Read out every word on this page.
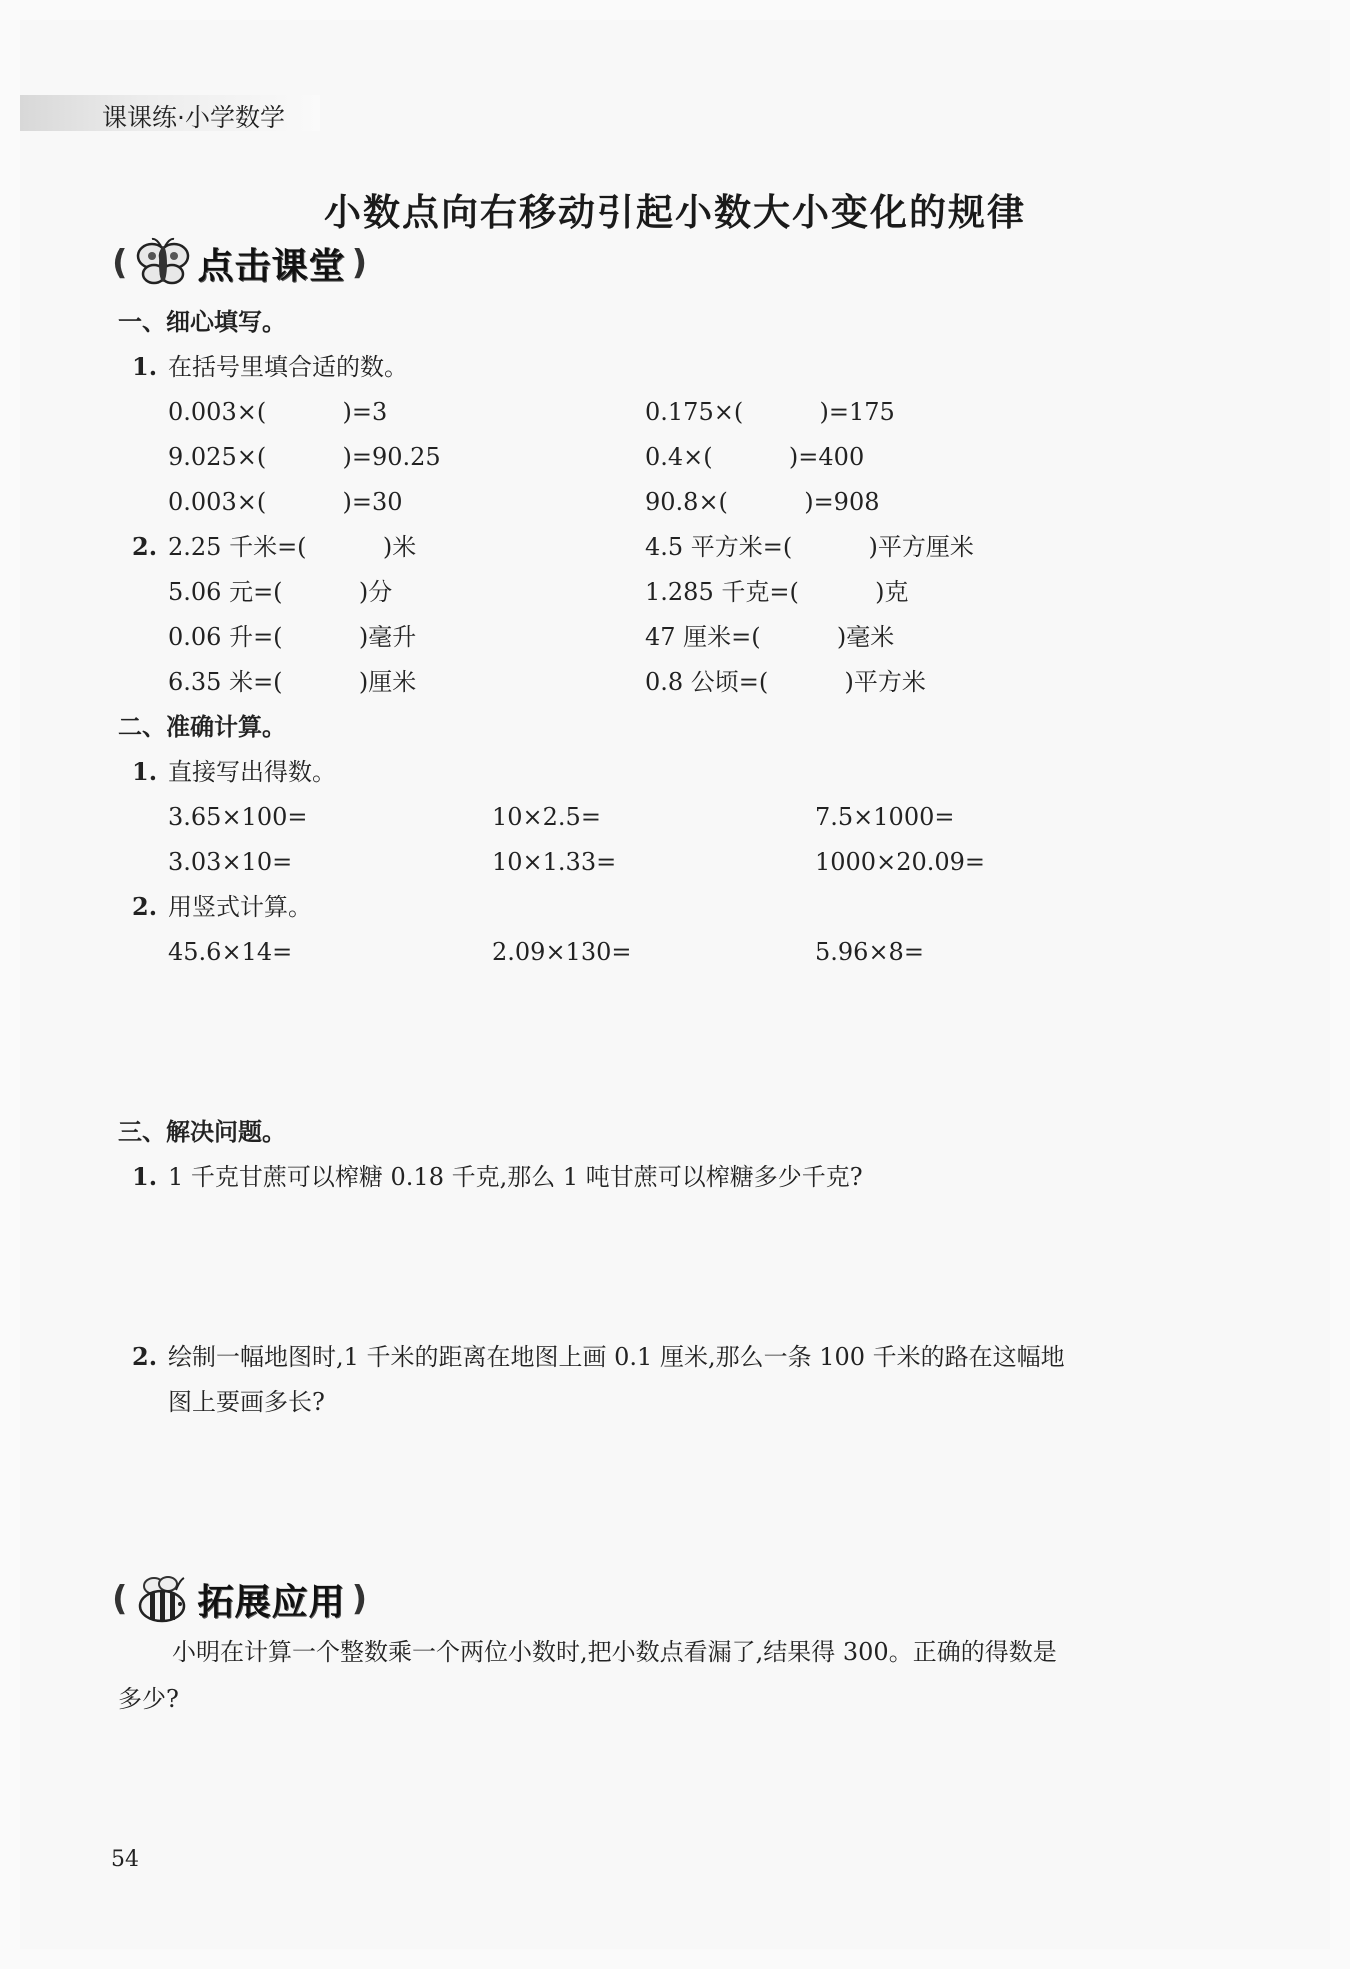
课课练·小学数学
小数点向右移动引起小数大小变化的规律
( 点击课堂 )
一、细心填写。
1. 在括号里填合适的数。
0.003×(          )=3	0.175×(          )=175
9.025×(          )=90.25	0.4×(          )=400
0.003×(          )=30	90.8×(          )=908
2. 2.25 千米=(          )米	4.5 平方米=(          )平方厘米
5.06 元=(          )分	1.285 千克=(          )克
0.06 升=(          )毫升	47 厘米=(          )毫米
6.35 米=(          )厘米	0.8 公顷=(          )平方米
二、准确计算。
1. 直接写出得数。
3.65×100=	10×2.5=	7.5×1000=
3.03×10=	10×1.33=	1000×20.09=
2. 用竖式计算。
45.6×14=	2.09×130=	5.96×8=
三、解决问题。
1. 1 千克甘蔗可以榨糖 0.18 千克,那么 1 吨甘蔗可以榨糖多少千克?
2. 绘制一幅地图时,1 千米的距离在地图上画 0.1 厘米,那么一条 100 千米的路在这幅地
图上要画多长?
( 拓展应用 )
小明在计算一个整数乘一个两位小数时,把小数点看漏了,结果得 300。正确的得数是
多少?
54
